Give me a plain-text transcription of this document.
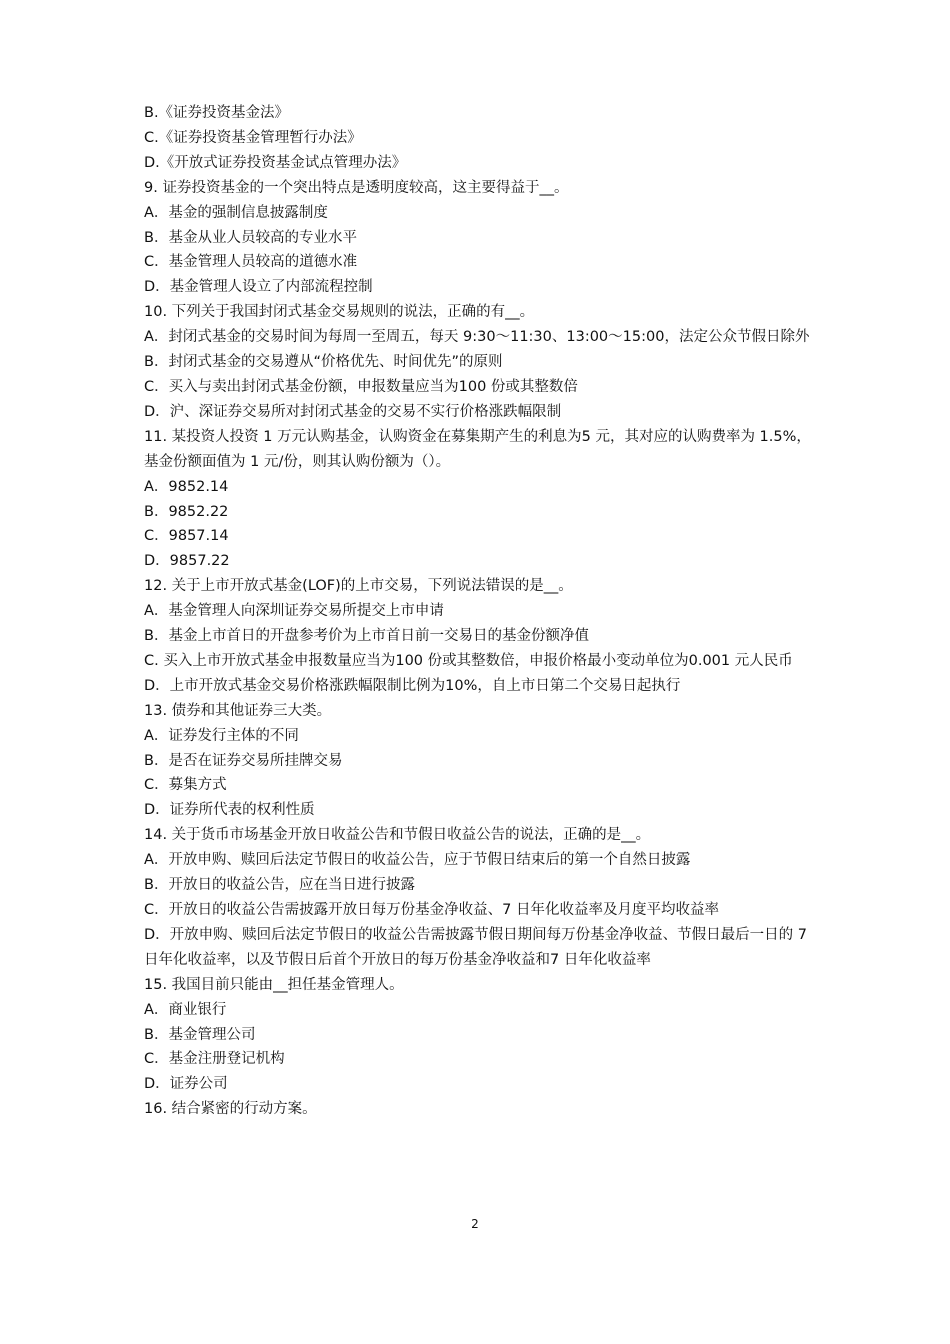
B.《证券投资基金法》
C.《证券投资基金管理暂行办法》
D.《开放式证券投资基金试点管理办法》
9. 证券投资基金的一个突出特点是透明度较高，这主要得益于__。
A．基金的强制信息披露制度
B．基金从业人员较高的专业水平
C．基金管理人员较高的道德水准
D．基金管理人设立了内部流程控制
10. 下列关于我国封闭式基金交易规则的说法，正确的有__。
A．封闭式基金的交易时间为每周一至周五，每天 9:30～11:30、13:00～15:00，法定公众节假日除外
B．封闭式基金的交易遵从“价格优先、时间优先”的原则
C．买入与卖出封闭式基金份额，申报数量应当为100 份或其整数倍
D．沪、深证券交易所对封闭式基金的交易不实行价格涨跌幅限制
11. 某投资人投资 1 万元认购基金，认购资金在募集期产生的利息为5 元，其对应的认购费率为 1.5%，基金份额面值为 1 元/份，则其认购份额为（）。
A．9852.14
B．9852.22
C．9857.14
D．9857.22
12. 关于上市开放式基金(LOF)的上市交易，下列说法错误的是__。
A．基金管理人向深圳证券交易所提交上市申请
B．基金上市首日的开盘参考价为上市首日前一交易日的基金份额净值
C. 买入上市开放式基金申报数量应当为100 份或其整数倍，申报价格最小变动单位为0.001 元人民币
D．上市开放式基金交易价格涨跌幅限制比例为10%，自上市日第二个交易日起执行
13. 债券和其他证券三大类。
A．证券发行主体的不同
B．是否在证券交易所挂牌交易
C．募集方式
D．证券所代表的权利性质
14. 关于货币市场基金开放日收益公告和节假日收益公告的说法，正确的是__。
A．开放申购、赎回后法定节假日的收益公告，应于节假日结束后的第一个自然日披露
B．开放日的收益公告，应在当日进行披露
C．开放日的收益公告需披露开放日每万份基金净收益、7 日年化收益率及月度平均收益率
D．开放申购、赎回后法定节假日的收益公告需披露节假日期间每万份基金净收益、节假日最后一日的 7 日年化收益率，以及节假日后首个开放日的每万份基金净收益和7 日年化收益率
15. 我国目前只能由__担任基金管理人。
A．商业银行
B．基金管理公司
C．基金注册登记机构
D．证券公司
16. 结合紧密的行动方案。
2
